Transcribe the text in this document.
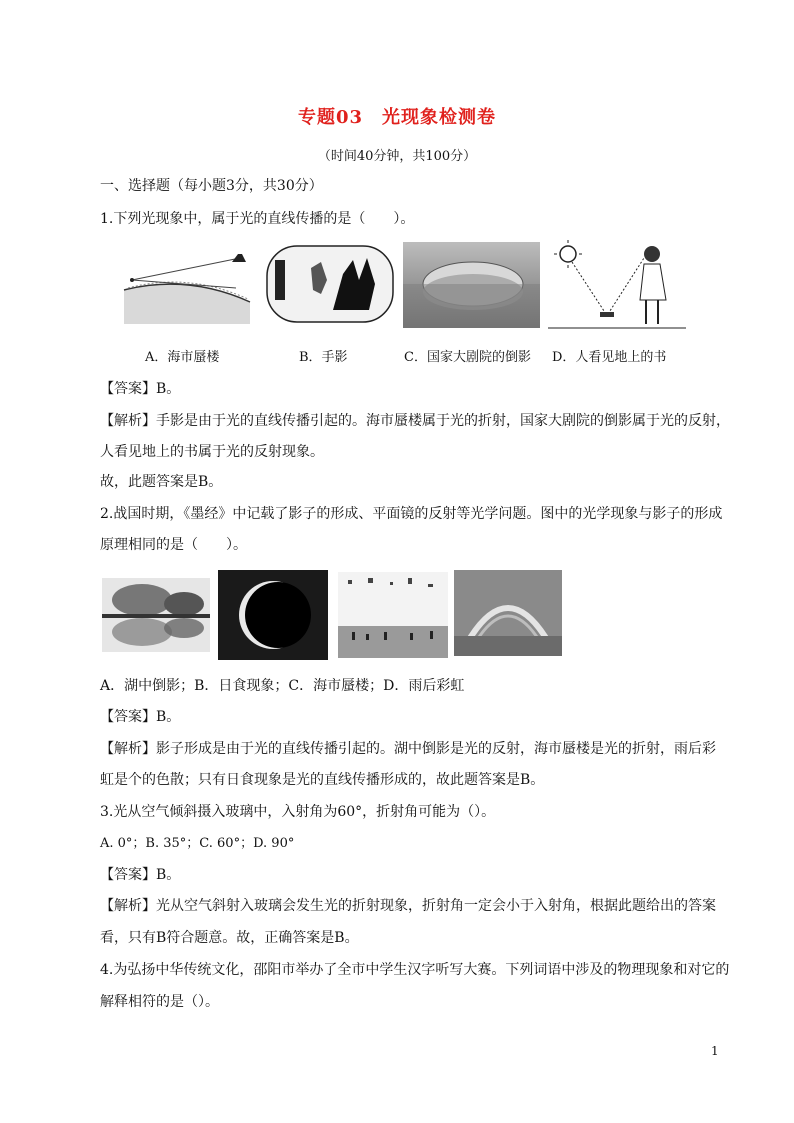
专题03　光现象检测卷
（时间40分钟，共100分）
一、选择题（每小题3分，共30分）
1.下列光现象中，属于光的直线传播的是（　　）。
A．海市蜃楼	B．手影	C．国家大剧院的倒影 D．人看见地上的书
【答案】B。
【解析】手影是由于光的直线传播引起的。海市蜃楼属于光的折射，国家大剧院的倒影属于光的反射，
人看见地上的书属于光的反射现象。
故，此题答案是B。
2.战国时期，《墨经》中记载了影子的形成、平面镜的反射等光学问题。图中的光学现象与影子的形成
原理相同的是（　　）。
A．湖中倒影；B．日食现象；C．海市蜃楼；D．雨后彩虹
【答案】B。
【解析】影子形成是由于光的直线传播引起的。湖中倒影是光的反射，海市蜃楼是光的折射，雨后彩
虹是个的色散；只有日食现象是光的直线传播形成的，故此题答案是B。
3.光从空气倾斜摄入玻璃中，入射角为60°，折射角可能为（）。
A. 0°；B. 35°；C. 60°；D. 90°
【答案】B。
【解析】光从空气斜射入玻璃会发生光的折射现象，折射角一定会小于入射角，根据此题给出的答案
看，只有B符合题意。故，正确答案是B。
4.为弘扬中华传统文化，邵阳市举办了全市中学生汉字听写大赛。下列词语中涉及的物理现象和对它的
解释相符的是（）。
1
